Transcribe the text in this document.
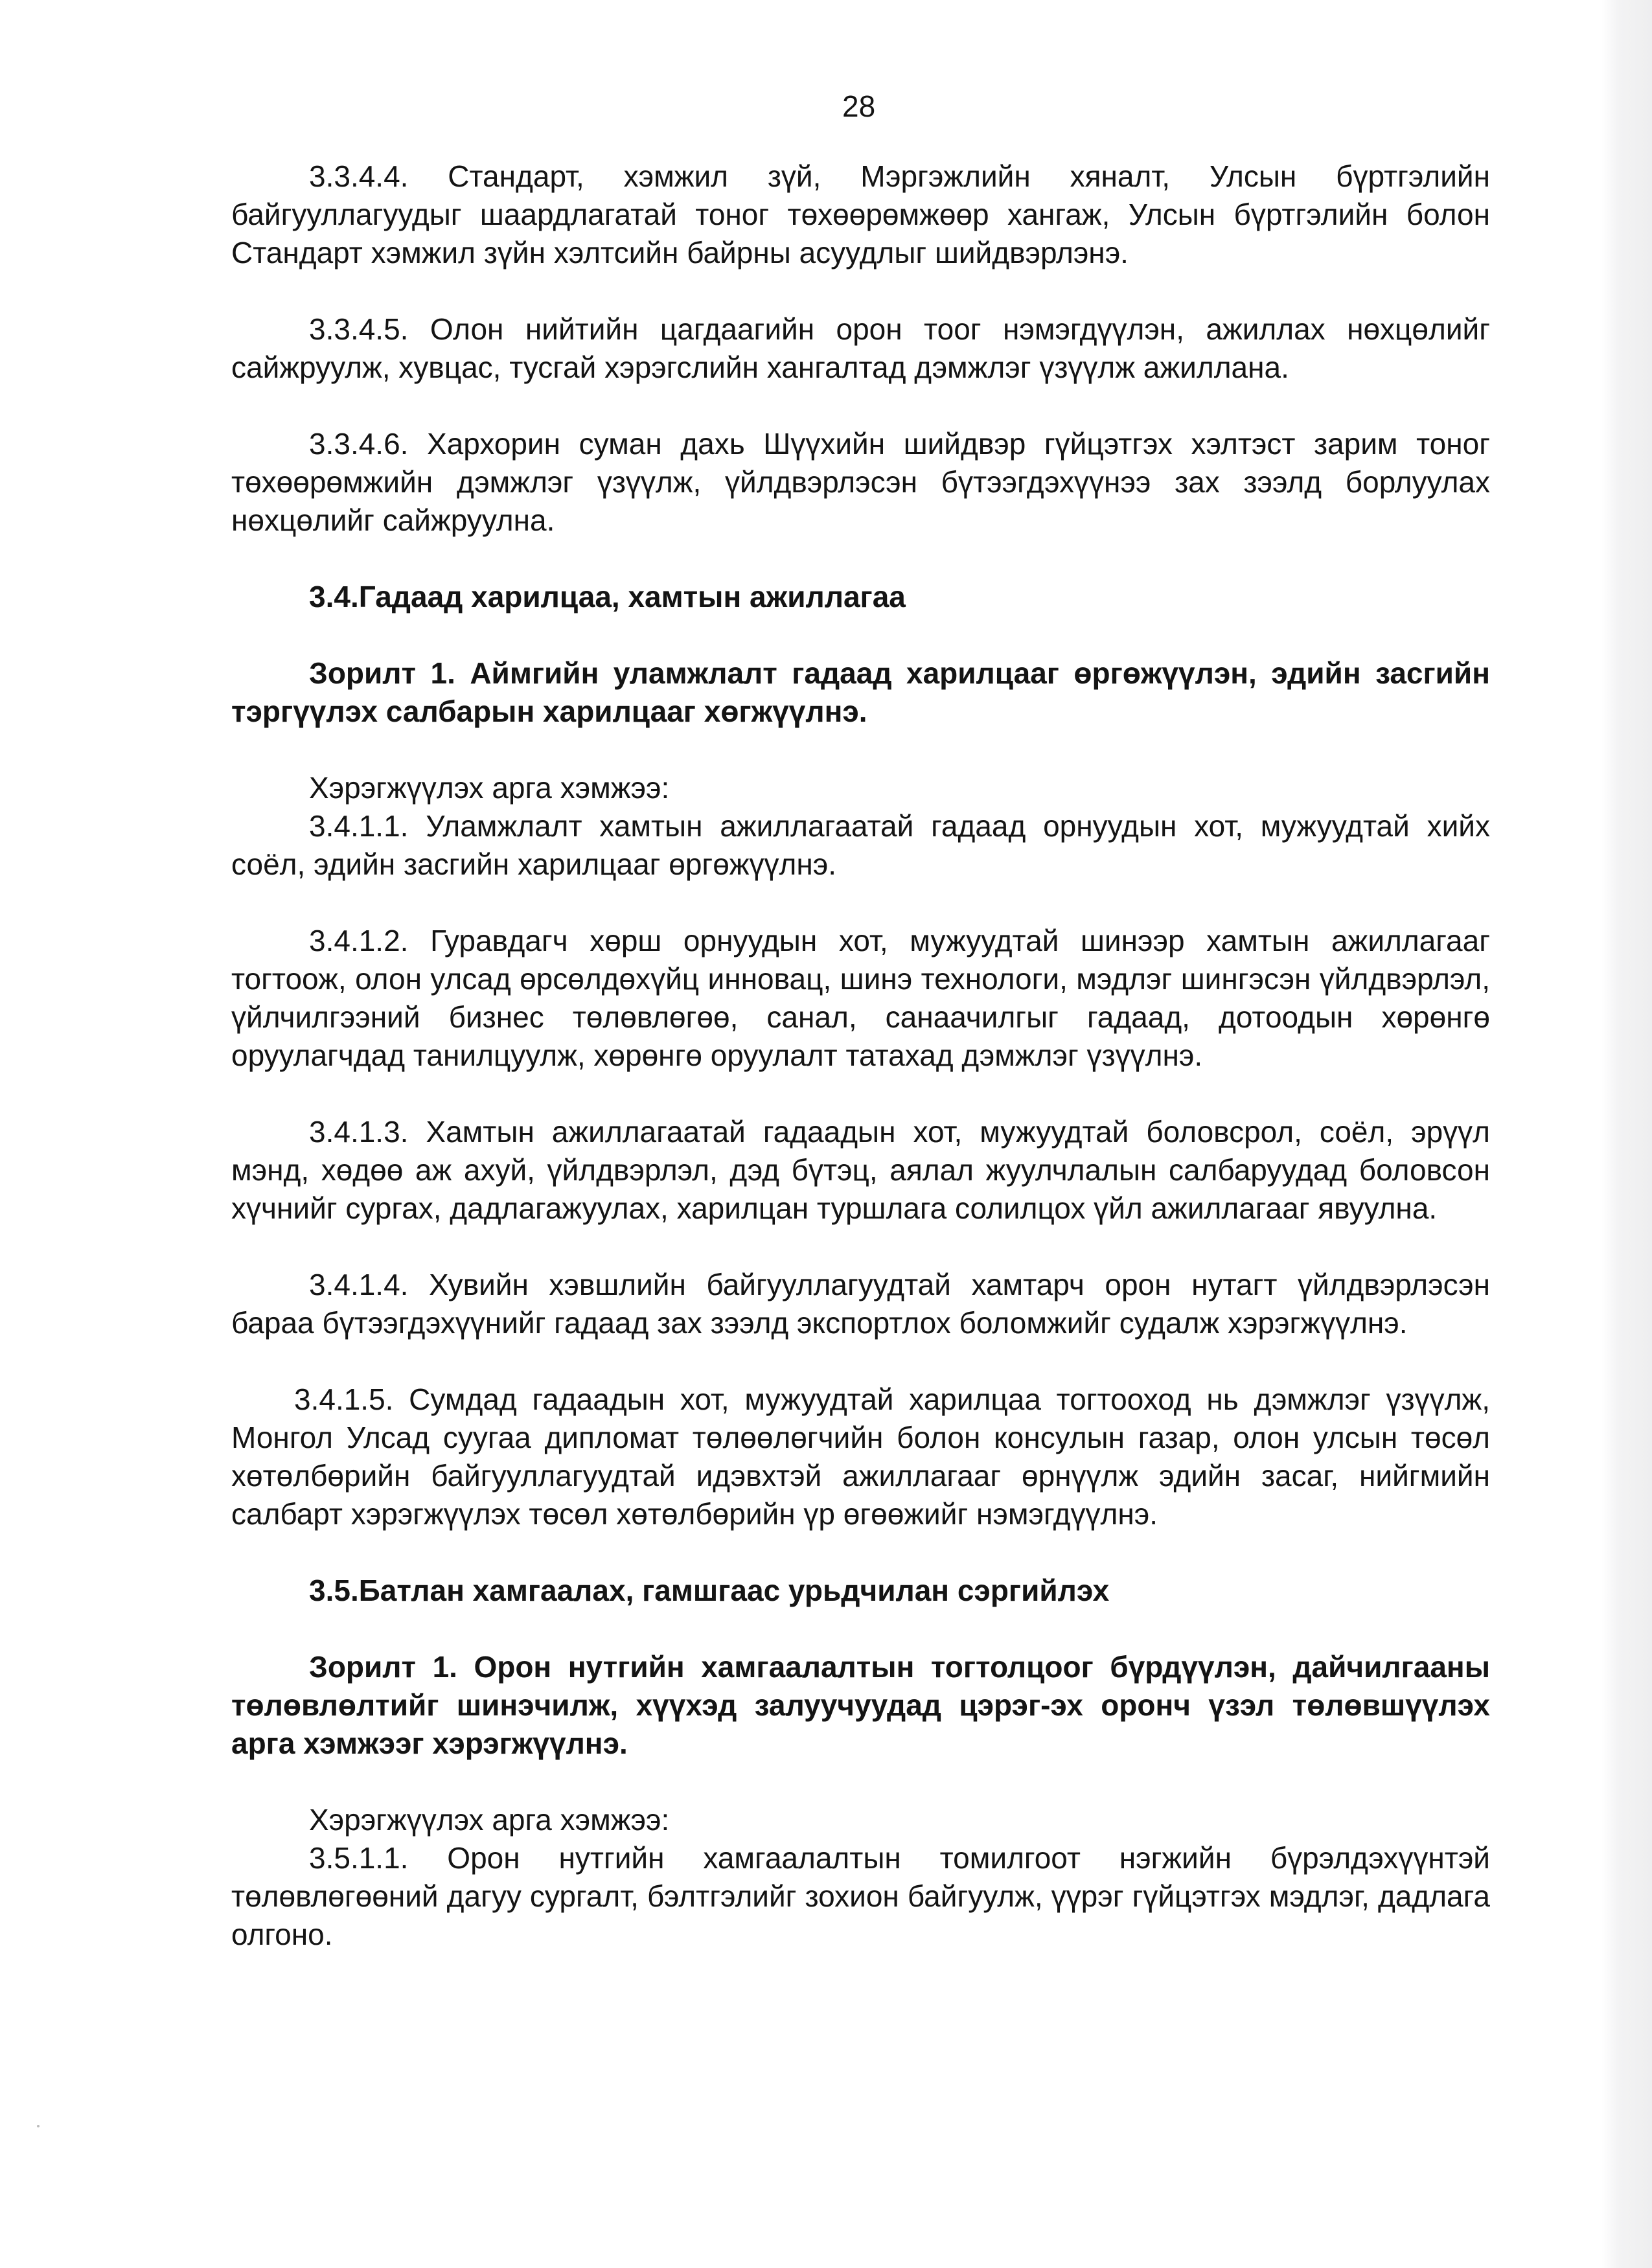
28

3.3.4.4. Стандарт, хэмжил зүй, Мэргэжлийн хяналт, Улсын бүртгэлийн байгууллагуудыг шаардлагатай тоног төхөөрөмжөөр хангаж, Улсын бүртгэлийн болон Стандарт хэмжил зүйн хэлтсийн байрны асуудлыг шийдвэрлэнэ.

3.3.4.5. Олон нийтийн цагдаагийн орон тоог нэмэгдүүлэн, ажиллах нөхцөлийг сайжруулж, хувцас, тусгай хэрэгслийн хангалтад дэмжлэг үзүүлж ажиллана.

3.3.4.6. Хархорин суман дахь Шүүхийн шийдвэр гүйцэтгэх хэлтэст зарим тоног төхөөрөмжийн дэмжлэг үзүүлж, үйлдвэрлэсэн бүтээгдэхүүнээ зах зээлд борлуулах нөхцөлийг сайжруулна.

3.4.Гадаад харилцаа, хамтын ажиллагаа

Зорилт 1. Аймгийн уламжлалт гадаад харилцааг өргөжүүлэн, эдийн засгийн тэргүүлэх салбарын харилцааг хөгжүүлнэ.

Хэрэгжүүлэх арга хэмжээ:

3.4.1.1. Уламжлалт хамтын ажиллагаатай гадаад орнуудын хот, мужуудтай хийх соёл, эдийн засгийн харилцааг өргөжүүлнэ.

3.4.1.2. Гуравдагч хөрш орнуудын хот, мужуудтай шинээр хамтын ажиллагааг тогтоож, олон улсад өрсөлдөхүйц инновац, шинэ технологи, мэдлэг шингэсэн үйлдвэрлэл, үйлчилгээний бизнес төлөвлөгөө, санал, санаачилгыг гадаад, дотоодын хөрөнгө оруулагчдад танилцуулж, хөрөнгө оруулалт татахад дэмжлэг үзүүлнэ.

3.4.1.3. Хамтын ажиллагаатай гадаадын хот, мужуудтай боловсрол, соёл, эрүүл мэнд, хөдөө аж ахуй, үйлдвэрлэл, дэд бүтэц, аялал жуулчлалын салбаруудад боловсон хүчнийг сургах, дадлагажуулах, харилцан туршлага солилцох үйл ажиллагааг явуулна.

3.4.1.4. Хувийн хэвшлийн байгууллагуудтай хамтарч орон нутагт үйлдвэрлэсэн бараа бүтээгдэхүүнийг гадаад зах зээлд экспортлох боломжийг судалж хэрэгжүүлнэ.

3.4.1.5. Сумдад гадаадын хот, мужуудтай харилцаа тогтооход нь дэмжлэг үзүүлж, Монгол Улсад суугаа дипломат төлөөлөгчийн болон консулын газар, олон улсын төсөл хөтөлбөрийн байгууллагуудтай идэвхтэй ажиллагааг өрнүүлж эдийн засаг, нийгмийн салбарт хэрэгжүүлэх төсөл хөтөлбөрийн үр өгөөжийг нэмэгдүүлнэ.

3.5.Батлан хамгаалах, гамшгаас урьдчилан сэргийлэх

Зорилт 1. Орон нутгийн хамгаалалтын тогтолцоог бүрдүүлэн, дайчилгааны төлөвлөлтийг шинэчилж, хүүхэд залуучуудад цэрэг-эх оронч үзэл төлөвшүүлэх арга хэмжээг хэрэгжүүлнэ.

Хэрэгжүүлэх арга хэмжээ:

3.5.1.1. Орон нутгийн хамгаалалтын томилгоот нэгжийн бүрэлдэхүүнтэй төлөвлөгөөний дагуу сургалт, бэлтгэлийг зохион байгуулж, үүрэг гүйцэтгэх мэдлэг, дадлага олгоно.
